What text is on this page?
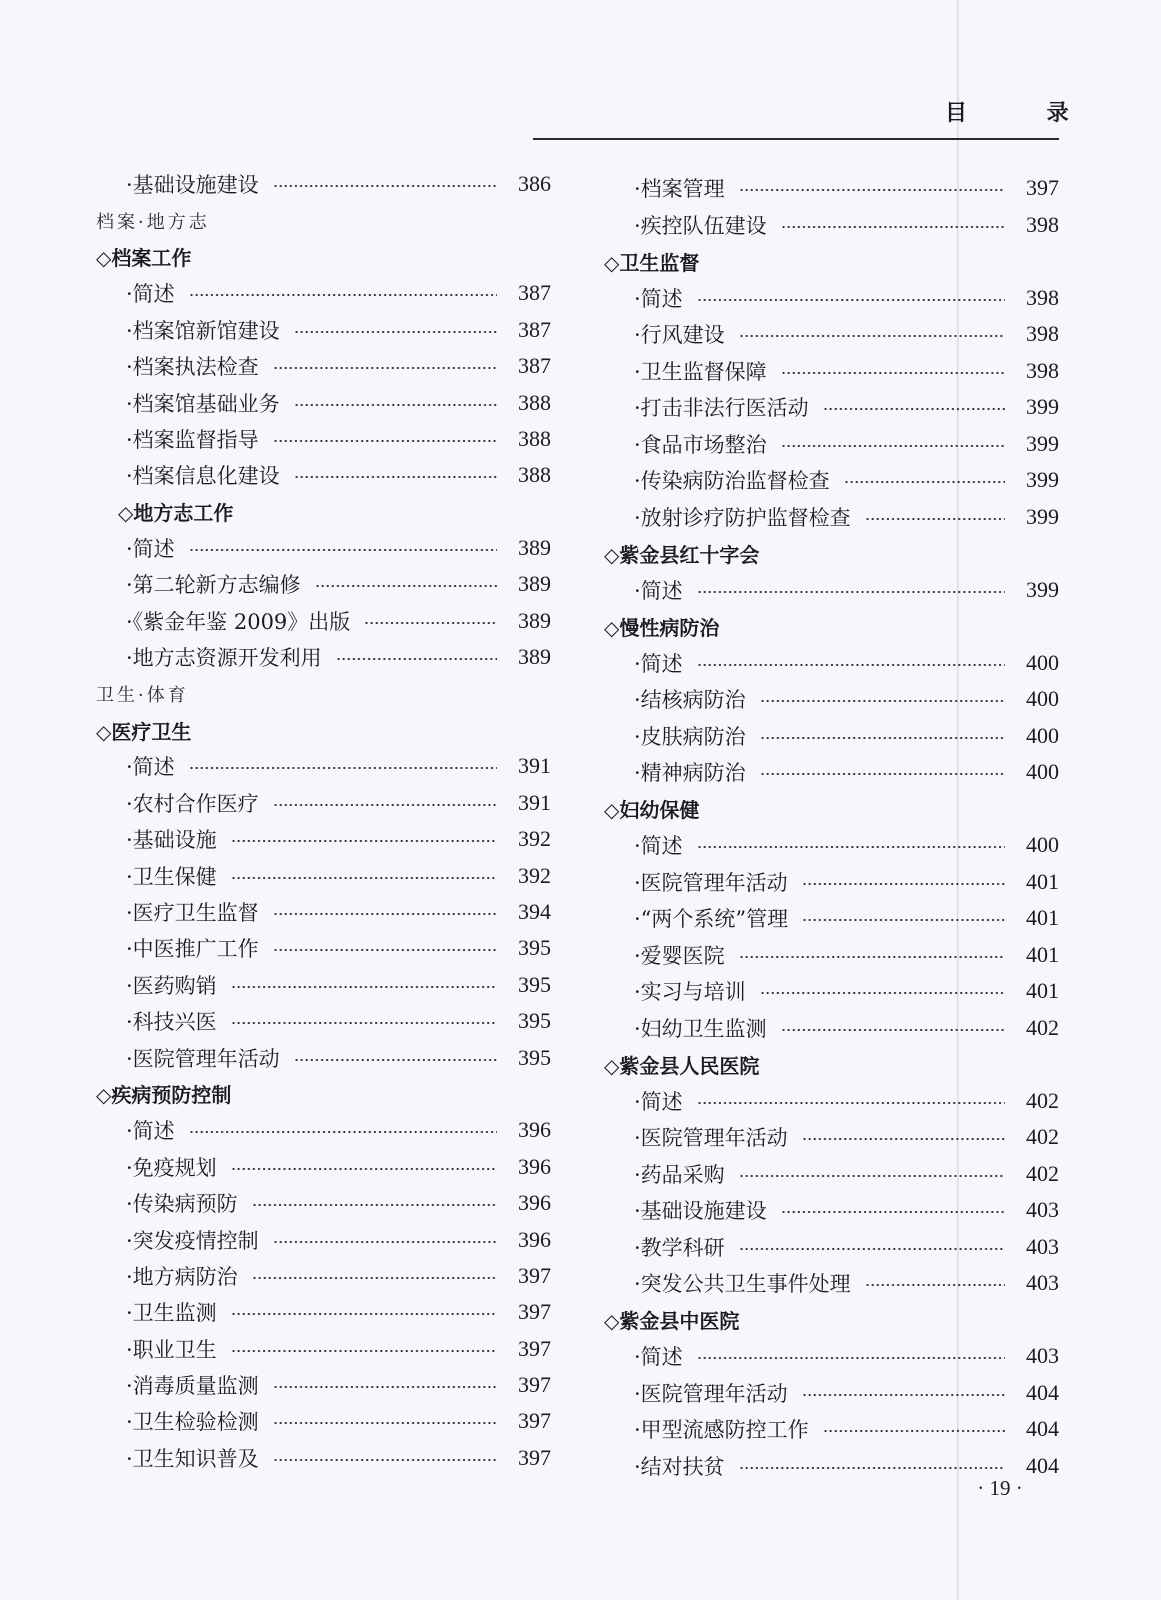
目 录
·基础设施建设	386
档案·地方志
◇档案工作
·简述	387
·档案馆新馆建设	387
·档案执法检查	387
·档案馆基础业务	388
·档案监督指导	388
·档案信息化建设	388
◇地方志工作
·简述	389
·第二轮新方志编修	389
·《紫金年鉴 2009》出版	389
·地方志资源开发利用	389
卫生·体育
◇医疗卫生
·简述	391
·农村合作医疗	391
·基础设施	392
·卫生保健	392
·医疗卫生监督	394
·中医推广工作	395
·医药购销	395
·科技兴医	395
·医院管理年活动	395
◇疾病预防控制
·简述	396
·免疫规划	396
·传染病预防	396
·突发疫情控制	396
·地方病防治	397
·卫生监测	397
·职业卫生	397
·消毒质量监测	397
·卫生检验检测	397
·卫生知识普及	397
·档案管理	397
·疾控队伍建设	398
◇卫生监督
·简述	398
·行风建设	398
·卫生监督保障	398
·打击非法行医活动	399
·食品市场整治	399
·传染病防治监督检查	399
·放射诊疗防护监督检查	399
◇紫金县红十字会
·简述	399
◇慢性病防治
·简述	400
·结核病防治	400
·皮肤病防治	400
·精神病防治	400
◇妇幼保健
·简述	400
·医院管理年活动	401
·“两个系统”管理	401
·爱婴医院	401
·实习与培训	401
·妇幼卫生监测	402
◇紫金县人民医院
·简述	402
·医院管理年活动	402
·药品采购	402
·基础设施建设	403
·教学科研	403
·突发公共卫生事件处理	403
◇紫金县中医院
·简述	403
·医院管理年活动	404
·甲型流感防控工作	404
·结对扶贫	404
· 19 ·
